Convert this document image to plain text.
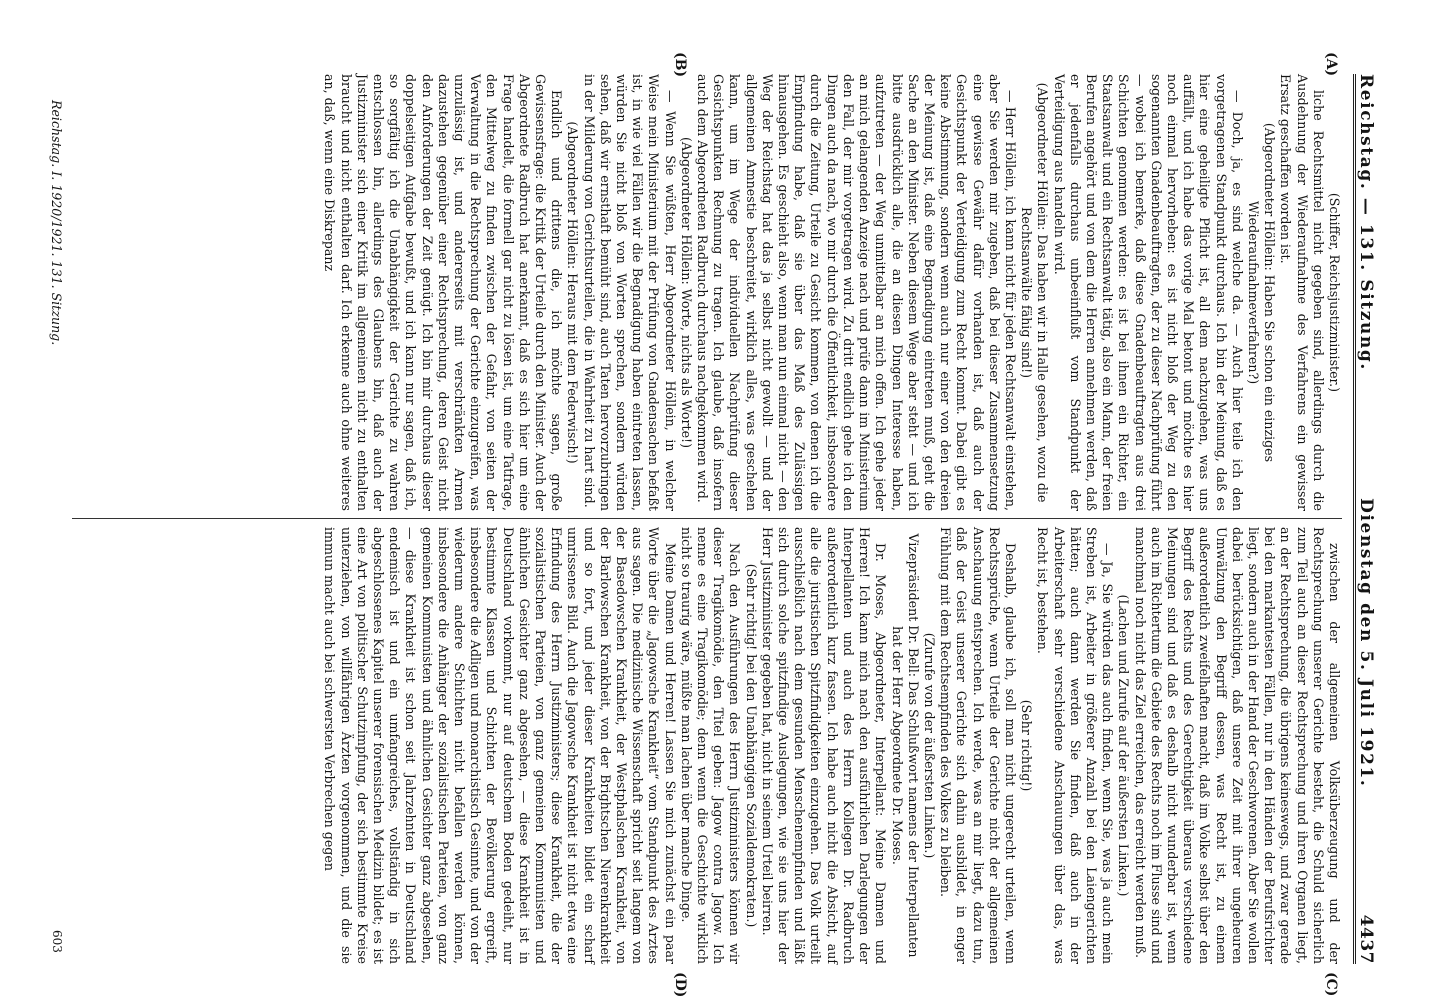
Reichstag. — 131. Sitzung.
Dienstag den 5. Juli 1921.
4437
(A)
(B)
(C)
(D)

(Schiffer, Reichsjustizminister.)

liche Rechtsmittel nicht gegeben sind, allerdings durch die Ausdehnung der Wiederaufnahme des Verfahrens ein gewisser Ersatz geschaffen worden ist.

(Abgeordneter Höllein: Haben Sie schon ein einziges Wiederaufnahmeverfahren?)

— Doch, ja, es sind welche da. — Auch hier teile ich den vorgetragenen Standpunkt durchaus. Ich bin der Meinung, daß es hier eine geheiligte Pflicht ist, all dem nachzugehen, was uns auffällt, und ich habe das vorige Mal betont und möchte es hier noch einmal hervorheben: es ist nicht bloß der Weg zu den sogenannten Gnadenbeauftragten, der zu dieser Nachprüfung führt — wobei ich bemerke, daß diese Gnadenbeauftragten aus drei Schichten genommen werden: es ist bei ihnen ein Richter, ein Staatsanwalt und ein Rechtsanwalt tätig, also ein Mann, der freien Berufen angehört und von dem die Herren annehmen werden, daß er jedenfalls durchaus unbeeinflußt vom Standpunkt der Verteidigung aus handeln wird.

(Abgeordneter Höllein: Das haben wir in Halle gesehen, wozu die Rechtsanwälte fähig sind!)

— Herr Höllein, ich kann nicht für jeden Rechtsanwalt einstehen, aber Sie werden mir zugeben, daß bei dieser Zusammensetzung eine gewisse Gewähr dafür vorhanden ist, daß auch der Gesichtspunkt der Verteidigung zum Recht kommt. Dabei gibt es keine Abstimmung, sondern wenn auch nur einer von den dreien der Meinung ist, daß eine Begnadigung eintreten muß, geht die Sache an den Minister. Neben diesem Wege aber steht — und ich bitte ausdrücklich alle, die an diesen Dingen Interesse haben, aufzutreten — der Weg unmittelbar an mich offen. Ich gehe jeder an mich gelangenden Anzeige nach und prüfe dann im Ministerium den Fall, der mir vorgetragen wird. Zu dritt endlich gehe ich den Dingen auch da nach, wo mir durch die Öffentlichkeit, insbesondere durch die Zeitung, Urteile zu Gesicht kommen, von denen ich die Empfindung habe, daß sie über das Maß des Zulässigen hinausgehen. Es geschieht also, wenn man nun einmal nicht — den Weg der Reichstag hat das ja selbst nicht gewollt — und der allgemeinen Amnestie beschreitet, wirklich alles, was geschehen kann, um im Wege der individuellen Nachprüfung dieser Gesichtspunkten Rechnung zu tragen. Ich glaube, daß insofern auch dem Abgeordneten Radbruch durchaus nachgekommen wird.

(Abgeordneter Höllein: Worte, nichts als Worte!)

— Wenn Sie wüßten, Herr Abgeordneter Höllein, in welcher Weise mein Ministerium mit der Prüfung von Gnadensachen befaßt ist, in wie viel Fällen wir die Begnadigung haben eintreten lassen, würden Sie nicht bloß von Worten sprechen, sondern würden sehen, daß wir ernsthaft bemüht sind, auch Taten hervorzubringen in der Milderung von Gerichtsurteilen, die in Wahrheit zu hart sind.

(Abgeordneter Höllein: Heraus mit dem Federwisch!)

Endlich und drittens die, ich möchte sagen, große Gewissensfrage: die Kritik der Urteile durch den Minister. Auch der Abgeordnete Radbruch hat anerkannt, daß es sich hier um eine Frage handelt, die formell gar nicht zu lösen ist, um eine Tatfrage, den Mittelweg zu finden zwischen der Gefahr, von seiten der Verwaltung in die Rechtsprechung der Gerichte einzugreifen, was unzulässig ist, und andererseits mit verschränkten Armen dazustehen gegenüber einer Rechtsprechung, deren Geist nicht den Anforderungen der Zeit genügt. Ich bin mir durchaus dieser doppelseitigen Aufgabe bewußt, und ich kann nur sagen, daß ich, so sorgfältig ich die Unabhängigkeit der Gerichte zu wahren entschlossen bin, allerdings des Glaubens bin, daß auch der Justizminister sich einer Kritik im allgemeinen nicht zu enthalten braucht und nicht enthalten darf. Ich erkenne auch ohne weiteres an, daß, wenn eine Diskrepanz

zwischen der allgemeinen Volksüberzeugung und der Rechtsprechung unserer Gerichte besteht, die Schuld sicherlich zum Teil auch an dieser Rechtsprechung und ihren Organen liegt, an der Rechtsprechung, die übrigens keineswegs, und zwar gerade bei den markantesten Fällen, nur in den Händen der Berufsrichter liegt, sondern auch in der Hand der Geschworenen. Aber Sie wollen dabei berücksichtigen, daß unsere Zeit mit ihrer ungeheuren Umwälzung den Begriff dessen, was Recht ist, zu einem außerordentlich zweifelhaften macht, daß im Volke selbst über den Begriff des Rechts und des Gerechtigkeit überaus verschiedene Meinungen sind und daß es deshalb nicht wunderbar ist, wenn auch im Richtertum die Gebiete des Rechts noch im Flusse sind und manchmal noch nicht das Ziel erreichen, das erreicht werden muß.

(Lachen und Zurufe auf der äußersten Linken.)

— Ja, Sie würden das auch finden, wenn Sie, was ja auch mein Streben ist, Arbeiter in größerer Anzahl bei den Laiengerichten hätten; auch dann werden Sie finden, daß auch in der Arbeiterschaft sehr verschiedene Anschauungen über das, was Recht ist, bestehen.

(Sehr richtig!)

Deshalb, glaube ich, soll man nicht ungerecht urteilen, wenn Rechtssprüche, wenn Urteile der Gerichte nicht der allgemeinen Anschauung entsprechen. Ich werde, was an mir liegt, dazu tun, daß der Geist unserer Gerichte sich dahin ausbildet, in enger Fühlung mit dem Rechtsempfinden des Volkes zu bleiben.

(Zurufe von der äußersten Linken.)

Vizepräsident Dr. Bell: Das Schlußwort namens der Interpellanten hat der Herr Abgeordnete Dr. Moses.

Dr. Moses, Abgeordneter, Interpellant: Meine Damen und Herren! Ich kann mich nach den ausführlichen Darlegungen der Interpellanten und auch des Herrn Kollegen Dr. Radbruch außerordentlich kurz fassen. Ich habe auch nicht die Absicht, auf alle die juristischen Spitzfindigkeiten einzugehen. Das Volk urteilt ausschließlich nach dem gesunden Menschenempfinden und läßt sich durch solche spitzfindige Auslegungen, wie sie uns hier der Herr Justizminister gegeben hat, nicht in seinem Urteil beirren.

(Sehr richtig! bei den Unabhängigen Sozialdemokraten.)

Nach den Ausführungen des Herrn Justizministers können wir dieser Tragikomödie, den Titel geben: Jagow contra Jagow. Ich nenne es eine Tragikomödie; denn wenn die Geschichte wirklich nicht so traurig wäre, müßte man lachen über manche Dinge.

Meine Damen und Herren! Lassen Sie mich zunächst ein paar Worte über die „Jagowsche Krankheit“ vom Standpunkt des Arztes aus sagen. Die medizinische Wissenschaft spricht seit langem von der Basedowschen Krankheit, der Westphalschen Krankheit, von der Barlowschen Krankheit, von der Brightschen Nierenkrankheit und so fort, und jeder dieser Krankheiten bildet ein scharf umrissenes Bild. Auch die Jagowsche Krankheit ist nicht etwa eine Erfindung des Herrn Justizministers; diese Krankheit, die der sozialistischen Parteien, von ganz gemeinen Kommunisten und ähnlichen Gesichter ganz abgesehen, — diese Krankheit ist in Deutschland vorkommt, nur auf deutschem Boden gedeiht, nur bestimmte Klassen und Schichten der Bevölkerung ergreift, insbesondere die Adligen und monarchistisch Gesinnte, und von der wiederum andere Schichten nicht befallen werden können, insbesondere die Anhänger der sozialistischen Parteien, von ganz gemeinen Kommunisten und ähnlichen Gesichter ganz abgesehen, — diese Krankheit ist schon seit Jahrzehnten in Deutschland endemisch ist und ein umfangreiches, vollständig in sich abgeschlossenes Kapitel unserer forensischen Medizin bildet; es ist eine Art von politischer Schutzimpfung, der sich bestimmte Kreise unterziehen, von willfährigen Ärzten vorgenommen, und die sie immun macht auch bei schwersten Verbrechen gegen

Reichstag. I. 1920/1921. 131. Sitzung.
603
